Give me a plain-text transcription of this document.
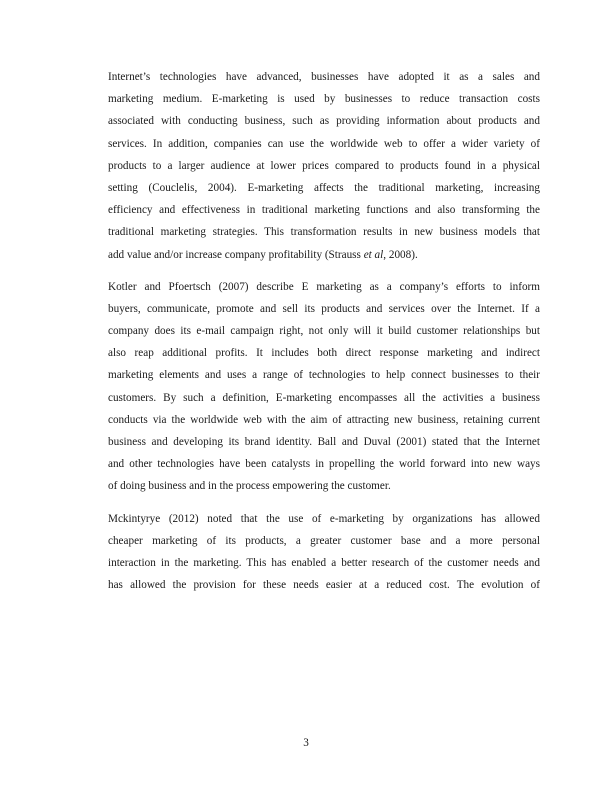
Internet’s technologies have advanced, businesses have adopted it as a sales and
marketing medium. E-marketing is used by businesses to reduce transaction costs
associated with conducting business, such as providing information about products and
services. In addition, companies can use the worldwide web to offer a wider variety of
products to a larger audience at lower prices compared to products found in a physical
setting (Couclelis, 2004). E-marketing affects the traditional marketing, increasing
efficiency and effectiveness in traditional marketing functions and also transforming the
traditional marketing strategies. This transformation results in new business models that
add value and/or increase company profitability (Strauss et al, 2008).
Kotler and Pfoertsch (2007) describe E marketing as a company’s efforts to inform
buyers, communicate, promote and sell its products and services over the Internet. If a
company does its e-mail campaign right, not only will it build customer relationships but
also reap additional profits. It includes both direct response marketing and indirect
marketing elements and uses a range of technologies to help connect businesses to their
customers. By such a definition, E-marketing encompasses all the activities a business
conducts via the worldwide web with the aim of attracting new business, retaining current
business and developing its brand identity. Ball and Duval (2001) stated that the Internet
and other technologies have been catalysts in propelling the world forward into new ways
of doing business and in the process empowering the customer.
Mckintyrye (2012) noted that the use of e-marketing by organizations has allowed
cheaper marketing of its products, a greater customer base and a more personal
interaction in the marketing. This has enabled a better research of the customer needs and
has allowed the provision for these needs easier at a reduced cost. The evolution of
3
